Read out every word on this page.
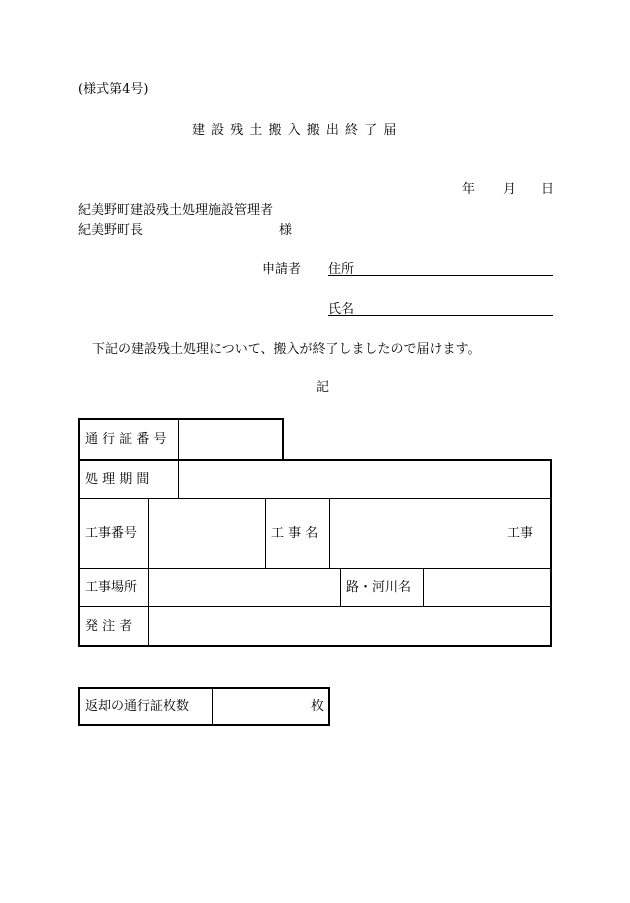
(様式第4号)
建 設 残 土 搬 入 搬 出 終 了 届
年 月 日
紀美野町建設残土処理施設管理者
紀美野町長	様
申請者 住所
氏名
下記の建設残土処理について、搬入が終了しましたので届けます。
記
通 行 証 番 号
処 理 期 間
工事番号	工 事 名	工事
工事場所	路・河川名
発 注 者
返却の通行証枚数	枚
